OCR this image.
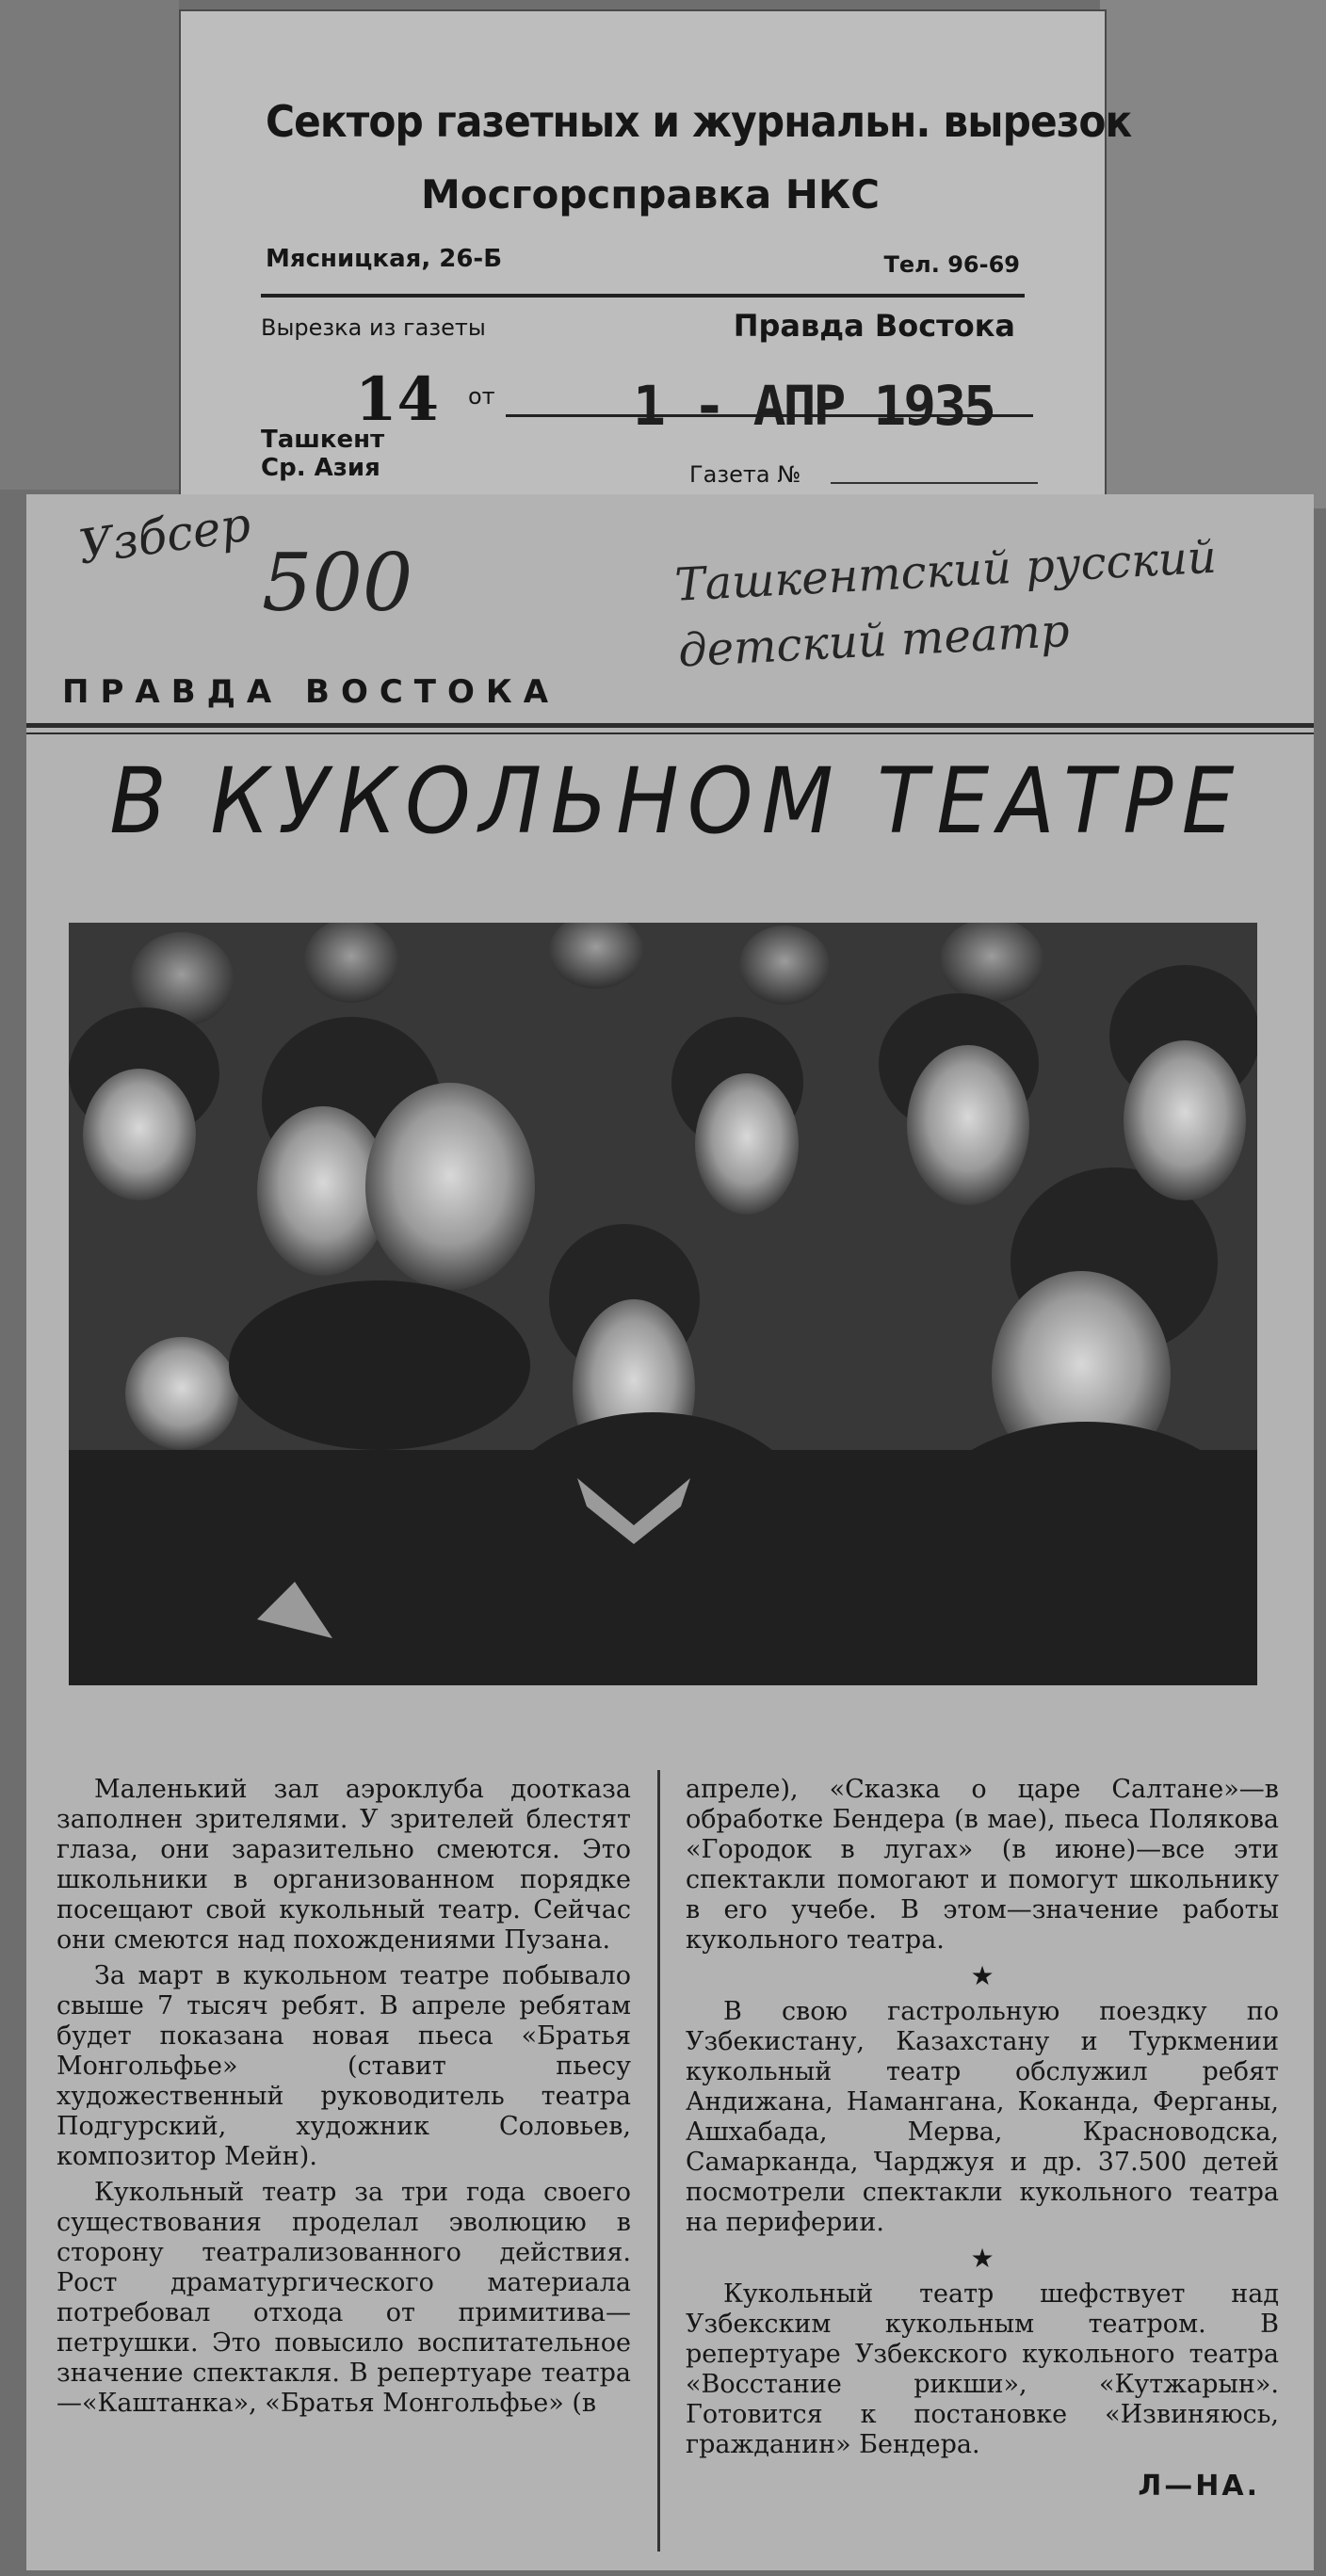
Сектор газетных и журнальн. вырезок
Мосгорсправка НКС
Мясницкая, 26-Б	Тел. 96-69
Вырезка из газеты	Правда Востока
14 от	1 - АПР 1935
Ташкент
Ср. Азия	Газета №
Узбсер
500	Ташкентский русский детский театр
ПРАВДА ВОСТОКА
В КУКОЛЬНОМ ТЕАТРЕ

Маленький зал аэроклуба доотказа заполнен зрителями. У зрителей блестят глаза, они заразительно смеются. Это школьники в организованном порядке посещают свой кукольный театр. Сейчас они смеются над похождениями Пузана.

За март в кукольном театре побывало свыше 7 тысяч ребят. В апреле ребятам будет показана новая пьеса «Братья Монгольфье» (ставит пьесу художественный руководитель театра Подгурский, художник Соловьев, композитор Мейн).

Кукольный театр за три года своего существования проделал эволюцию в сторону театрализованного действия. Рост драматургического материала потребовал отхода от примитива—петрушки. Это повысило воспитательное значение спектакля. В репертуаре театра—«Каштанка», «Братья Монгольфье» (в

апреле), «Сказка о царе Салтане»—в обработке Бендера (в мае), пьеса Полякова «Городок в лугах» (в июне)—все эти спектакли помогают и помогут школьнику в его учебе. В этом—значение работы кукольного театра.

★

В свою гастрольную поездку по Узбекистану, Казахстану и Туркмении кукольный театр обслужил ребят Андижана, Наманганa, Коканда, Ферганы, Ашхабада, Мерва, Красноводска, Самарканда, Чарджуя и др. 37.500 детей посмотрели спектакли кукольного театра на периферии.

★

Кукольный театр шефствует над Узбекским кукольным театром. В репертуаре Узбекского кукольного театра «Восстание рикши», «Кутжарын». Готовится к постановке «Извиняюсь, гражданин» Бендера.

Л—НА.
